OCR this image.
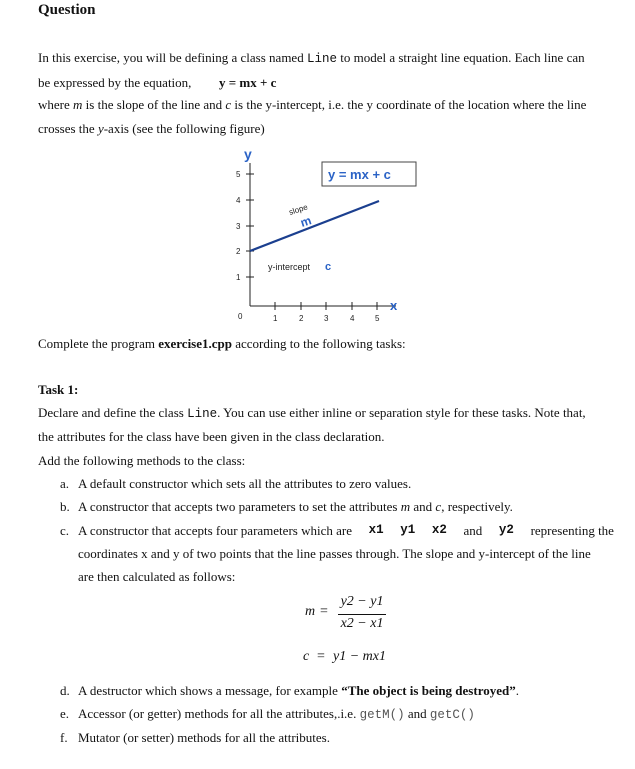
Question
In this exercise, you will be defining a class named Line to model a straight line equation. Each line can
be expressed by the equation, y = mx + c
where m is the slope of the line and c is the y-intercept, i.e. the y coordinate of the location where the line
crosses the y-axis (see the following figure)
5
4
3
2
1
1	2	3	4	5
0
y
x
y = mx + c
slope
m
y-intercept c
Complete the program exercise1.cpp according to the following tasks:
Task 1:
Declare and define the class Line. You can use either inline or separation style for these tasks. Note that,
the attributes for the class have been given in the class declaration.
Add the following methods to the class:
a. A default constructor which sets all the attributes to zero values.
b. A constructor that accepts two parameters to set the attributes m and c, respectively.
c. A constructor that accepts four parameters which are x1 y1 x2 and y2 representing the
coordinates x and y of two points that the line passes through. The slope and y-intercept of the line
are then calculated as follows:
m =
y2 − y1
x2 − x1
c = y1 − mx1
d. A destructor which shows a message, for example “The object is being destroyed”.
e. Accessor (or getter) methods for all the attributes,.i.e. getM() and getC()
f. Mutator (or setter) methods for all the attributes.
